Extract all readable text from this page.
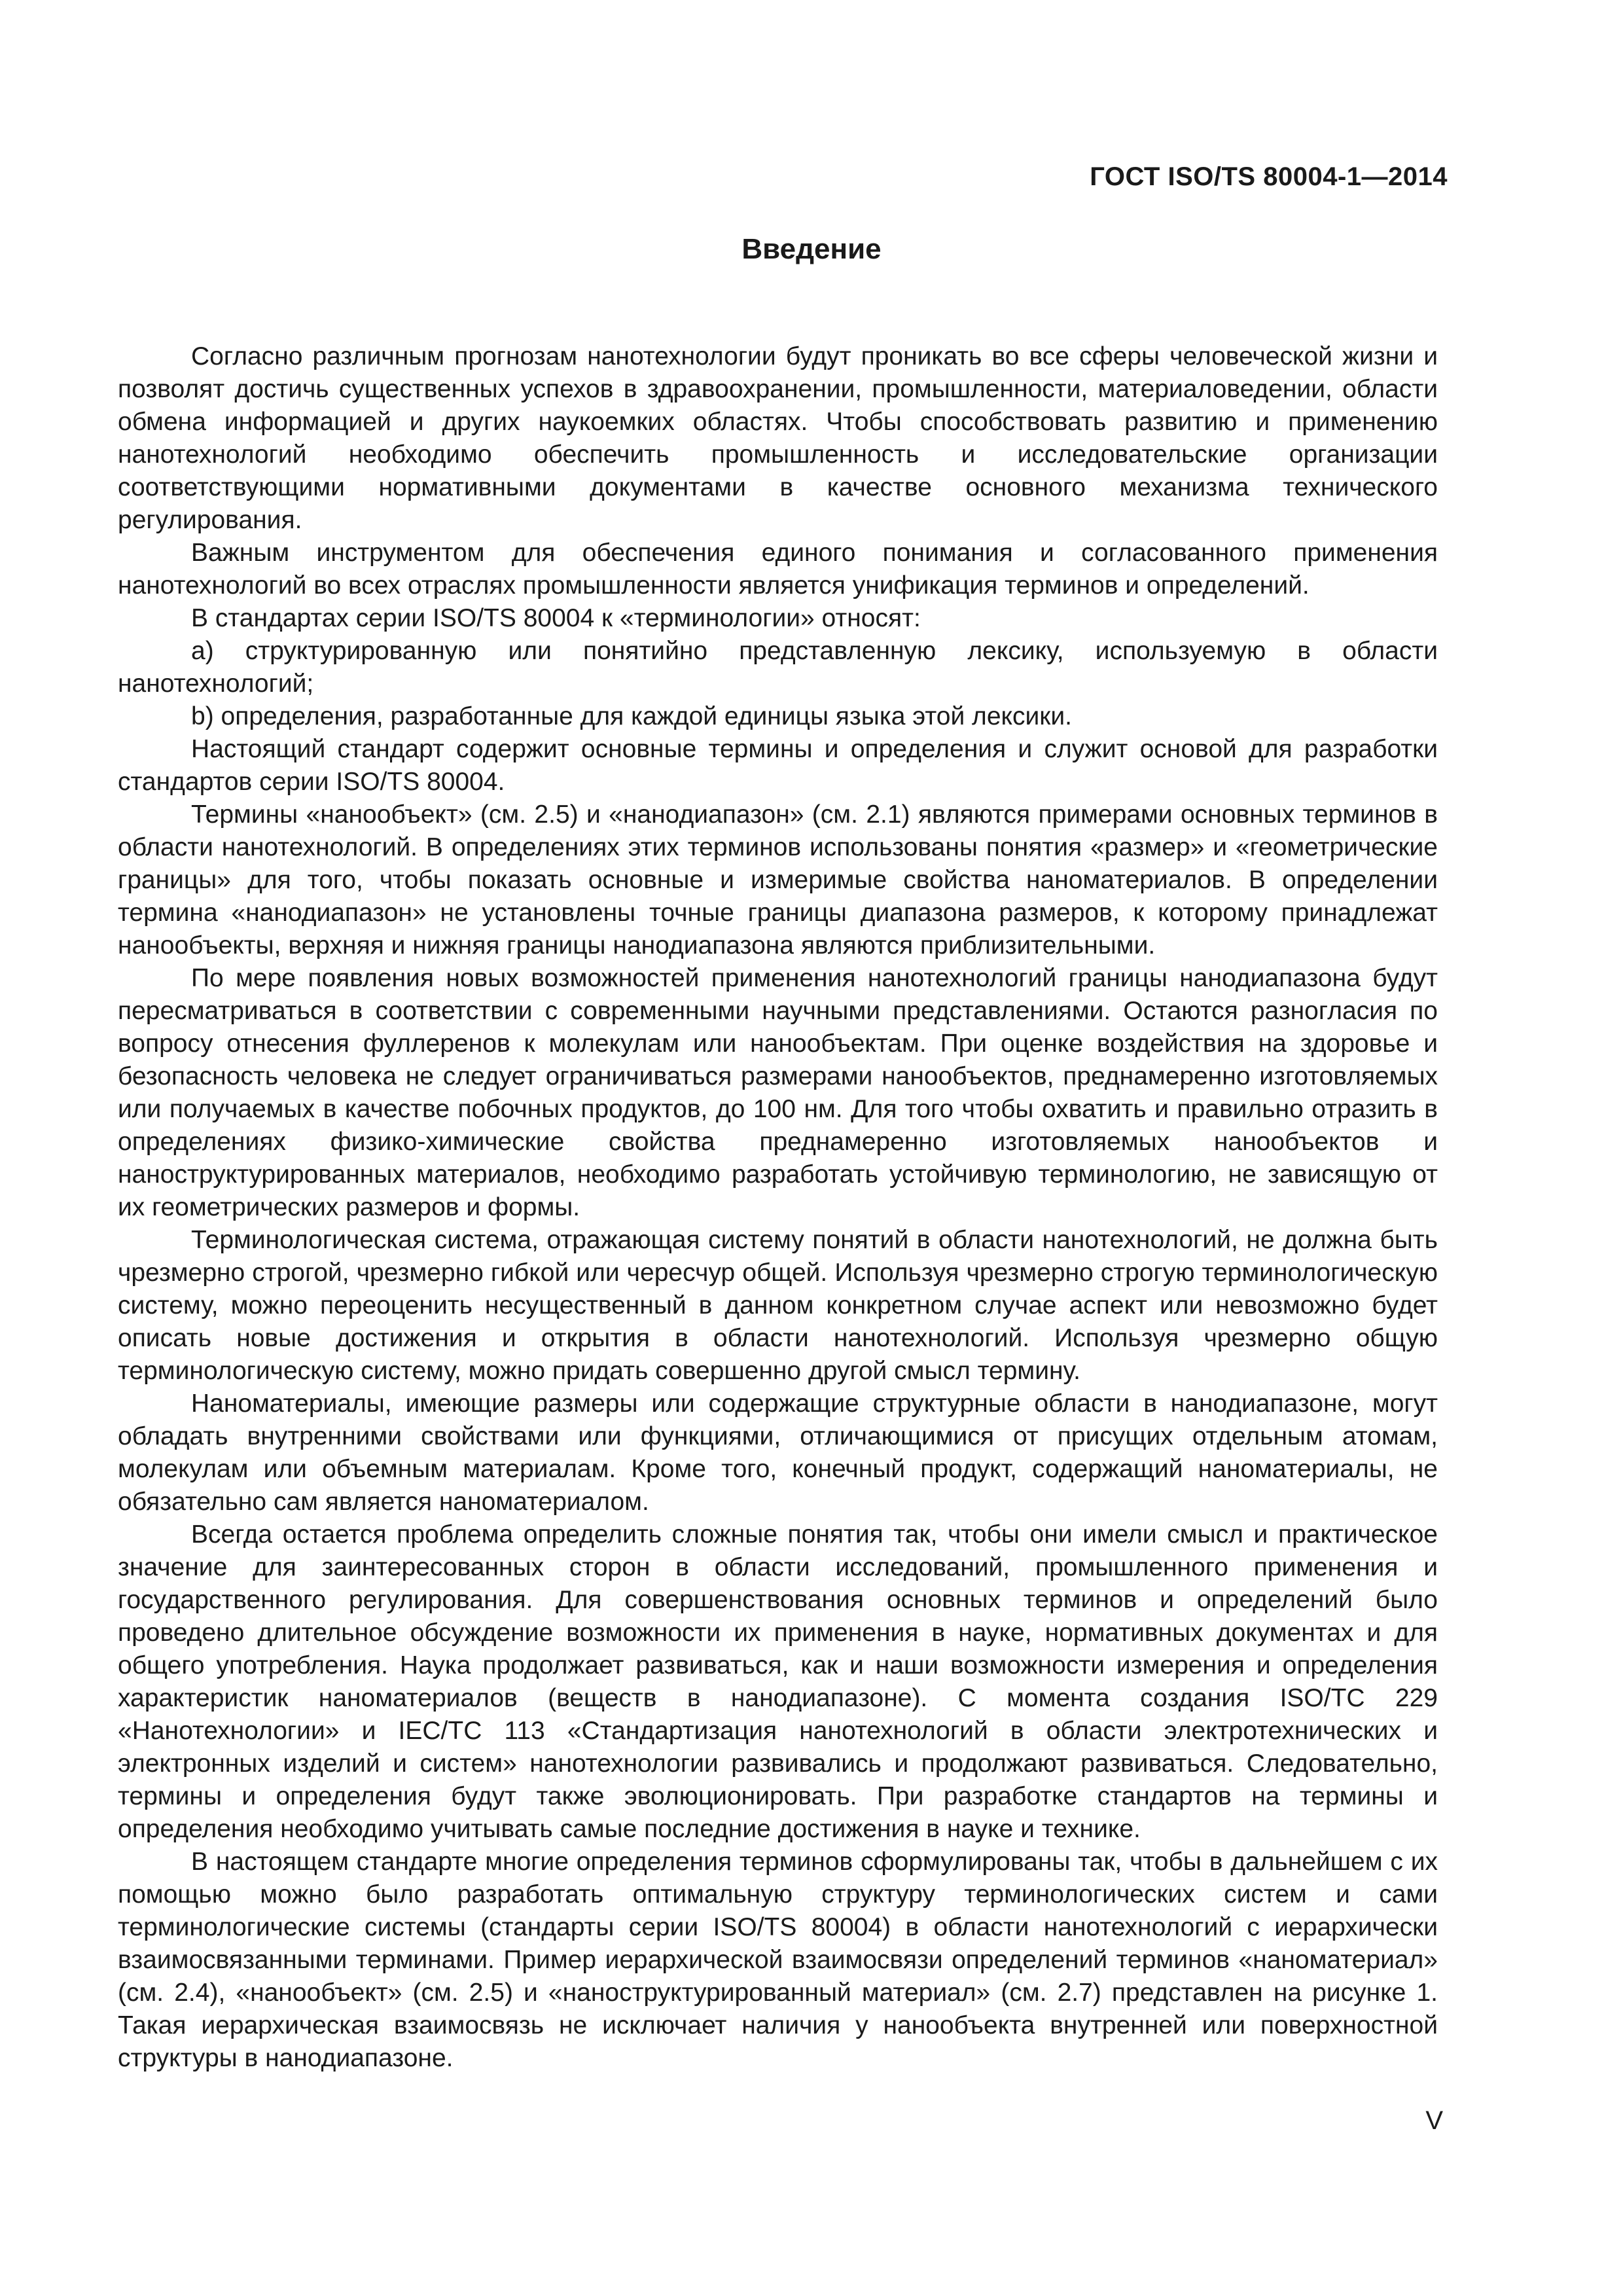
ГОСТ ISO/TS 80004-1—2014
Введение

Согласно различным прогнозам нанотехнологии будут проникать во все сферы человеческой жизни и позволят достичь существенных успехов в здравоохранении, промышленности, материаловедении, области обмена информацией и других наукоемких областях. Чтобы способствовать развитию и применению нанотехнологий необходимо обеспечить промышленность и исследовательские организации соответствующими нормативными документами в качестве основного механизма технического регулирования.

Важным инструментом для обеспечения единого понимания и согласованного применения нанотехнологий во всех отраслях промышленности является унификация терминов и определений.

В стандартах серии ISO/TS 80004 к «терминологии» относят:

a) структурированную или понятийно представленную лексику, используемую в области нанотехнологий;

b) определения, разработанные для каждой единицы языка этой лексики.

Настоящий стандарт содержит основные термины и определения и служит основой для разработки стандартов серии ISO/TS 80004.

Термины «нанообъект» (см. 2.5) и «нанодиапазон» (см. 2.1) являются примерами основных терминов в области нанотехнологий. В определениях этих терминов использованы понятия «размер» и «геометрические границы» для того, чтобы показать основные и измеримые свойства наноматериалов. В определении термина «нанодиапазон» не установлены точные границы диапазона размеров, к которому принадлежат нанообъекты, верхняя и нижняя границы нанодиапазона являются приблизительными.

По мере появления новых возможностей применения нанотехнологий границы нанодиапазона будут пересматриваться в соответствии с современными научными представлениями. Остаются разногласия по вопросу отнесения фуллеренов к молекулам или нанообъектам. При оценке воздействия на здоровье и безопасность человека не следует ограничиваться размерами нанообъектов, преднамеренно изготовляемых или получаемых в качестве побочных продуктов, до 100 нм. Для того чтобы охватить и правильно отразить в определениях физико-химические свойства преднамеренно изготовляемых нанообъектов и наноструктурированных материалов, необходимо разработать устойчивую терминологию, не зависящую от их геометрических размеров и формы.

Терминологическая система, отражающая систему понятий в области нанотехнологий, не должна быть чрезмерно строгой, чрезмерно гибкой или чересчур общей. Используя чрезмерно строгую терминологическую систему, можно переоценить несущественный в данном конкретном случае аспект или невозможно будет описать новые достижения и открытия в области нанотехнологий. Используя чрезмерно общую терминологическую систему, можно придать совершенно другой смысл термину.

Наноматериалы, имеющие размеры или содержащие структурные области в нанодиапазоне, могут обладать внутренними свойствами или функциями, отличающимися от присущих отдельным атомам, молекулам или объемным материалам. Кроме того, конечный продукт, содержащий наноматериалы, не обязательно сам является наноматериалом.

Всегда остается проблема определить сложные понятия так, чтобы они имели смысл и практическое значение для заинтересованных сторон в области исследований, промышленного применения и государственного регулирования. Для совершенствования основных терминов и определений было проведено длительное обсуждение возможности их применения в науке, нормативных документах и для общего употребления. Наука продолжает развиваться, как и наши возможности измерения и определения характеристик наноматериалов (веществ в нанодиапазоне). С момента создания ISO/TC 229 «Нанотехнологии» и IEC/TC 113 «Стандартизация нанотехнологий в области электротехнических и электронных изделий и систем» нанотехнологии развивались и продолжают развиваться. Следовательно, термины и определения будут также эволюционировать. При разработке стандартов на термины и определения необходимо учитывать самые последние достижения в науке и технике.

В настоящем стандарте многие определения терминов сформулированы так, чтобы в дальнейшем с их помощью можно было разработать оптимальную структуру терминологических систем и сами терминологические системы (стандарты серии ISO/TS 80004) в области нанотехнологий с иерархически взаимосвязанными терминами. Пример иерархической взаимосвязи определений терминов «наноматериал» (см. 2.4), «нанообъект» (см. 2.5) и «наноструктурированный материал» (см. 2.7) представлен на рисунке 1. Такая иерархическая взаимосвязь не исключает наличия у нанообъекта внутренней или поверхностной структуры в нанодиапазоне.

V
